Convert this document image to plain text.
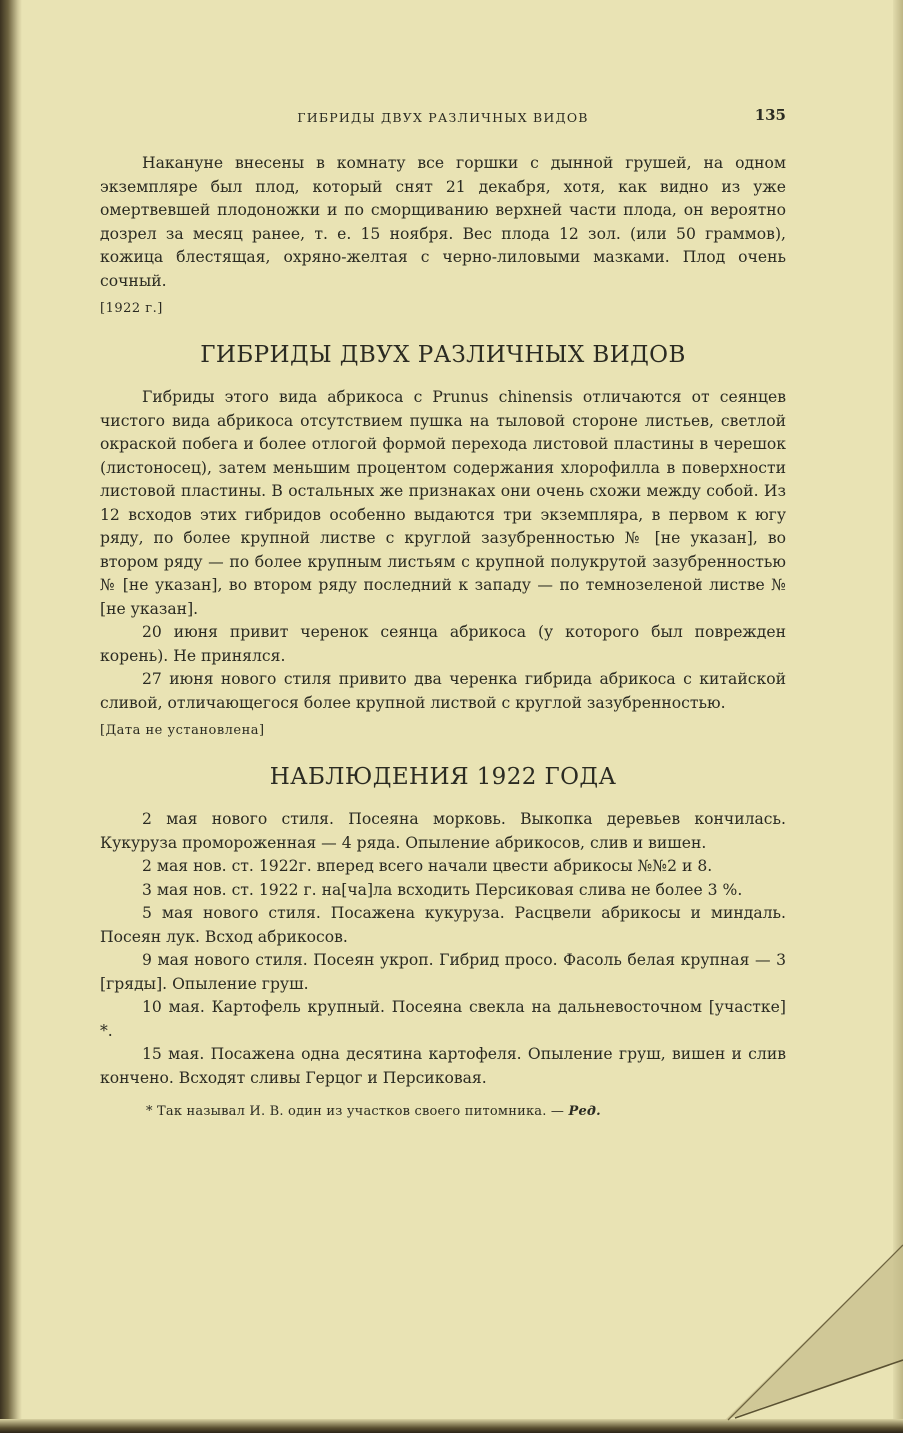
ГИБРИДЫ ДВУХ РАЗЛИЧНЫХ ВИДОВ	135

Накануне внесены в комнату все горшки с дынной грушей, на одном экземпляре был плод, который снят 21 декабря, хотя, как видно из уже омертвевшей плодоножки и по сморщиванию верхней части плода, он вероятно дозрел за месяц ранее, т. е. 15 ноября. Вес плода 12 зол. (или 50 граммов), кожица блестящая, охряно-желтая с черно-лиловыми мазками. Плод очень сочный.

[1922 г.]
ГИБРИДЫ ДВУХ РАЗЛИЧНЫХ ВИДОВ

Гибриды этого вида абрикоса с Prunus chinensis отличаются от сеянцев чистого вида абрикоса отсутствием пушка на тыловой стороне листьев, светлой окраской побега и более отлогой формой перехода листовой пластины в черешок (листоносец), затем меньшим процентом содержания хлорофилла в поверхности листовой пластины. В остальных же признаках они очень схожи между собой. Из 12 всходов этих гибридов особенно выдаются три экземпляра, в первом к югу ряду, по более крупной листве с круглой зазубренностью № [не указан], во втором ряду — по более крупным листьям с крупной полукрутой зазубренностью № [не указан], во втором ряду последний к западу — по темнозеленой листве № [не указан].

20 июня привит черенок сеянца абрикоса (у которого был поврежден корень). Не принялся.

27 июня нового стиля привито два черенка гибрида абрикоса с китайской сливой, отличающегося более крупной листвой с круглой зазубренностью.

[Дата не установлена]
НАБЛЮДЕНИЯ 1922 ГОДА

2 мая нового стиля. Посеяна морковь. Выкопка деревьев кончилась. Кукуруза промороженная — 4 ряда. Опыление абрикосов, слив и вишен.

2 мая нов. ст. 1922г. вперед всего начали цвести абрикосы №№2 и 8.

3 мая нов. ст. 1922 г. на[ча]ла всходить Персиковая слива не более 3 %.

5 мая нового стиля. Посажена кукуруза. Расцвели абрикосы и миндаль. Посеян лук. Всход абрикосов.

9 мая нового стиля. Посеян укроп. Гибрид просо. Фасоль белая крупная — 3 [гряды]. Опыление груш.

10 мая. Картофель крупный. Посеяна свекла на дальневосточном [участке] *.

15 мая. Посажена одна десятина картофеля. Опыление груш, вишен и слив кончено. Всходят сливы Герцог и Персиковая.

* Так называл И. В. один из участков своего питомника. — Ред.
